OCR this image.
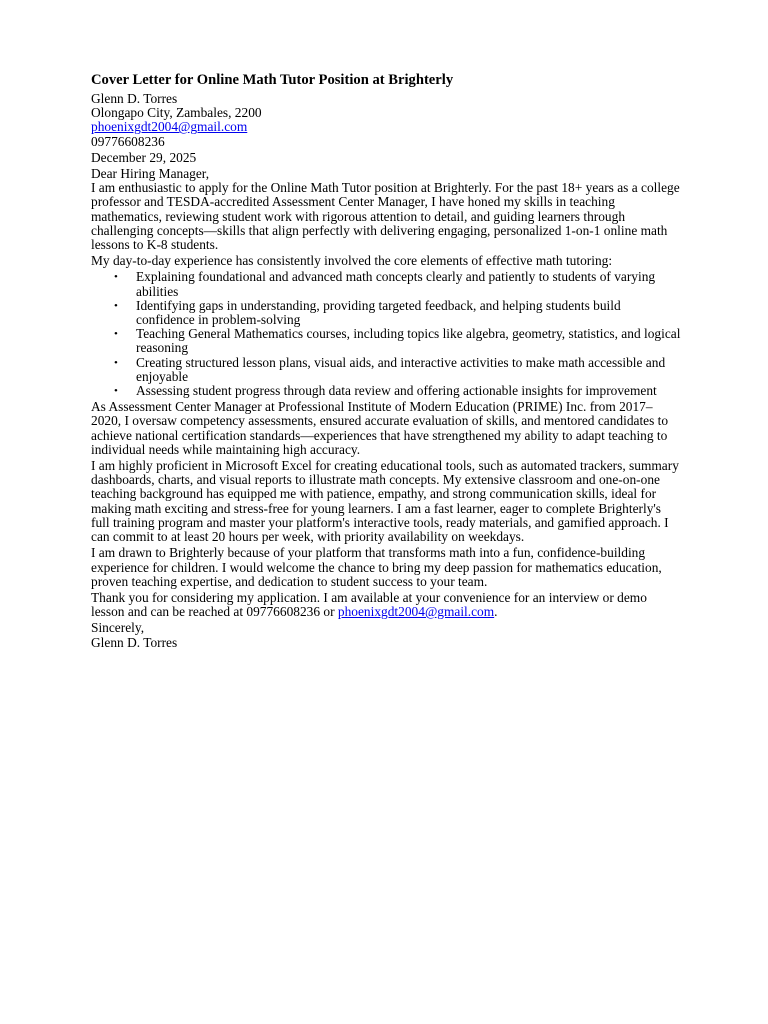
Cover Letter for Online Math Tutor Position at Brighterly
Glenn D. Torres
Olongapo City, Zambales, 2200
phoenixgdt2004@gmail.com
09776608236
December 29, 2025
Dear Hiring Manager,

I am enthusiastic to apply for the Online Math Tutor position at Brighterly. For the past 18+ years as a college professor and TESDA-accredited Assessment Center Manager, I have honed my skills in teaching mathematics, reviewing student work with rigorous attention to detail, and guiding learners through challenging concepts—skills that align perfectly with delivering engaging, personalized 1-on-1 online math lessons to K-8 students.

My day-to-day experience has consistently involved the core elements of effective math tutoring:

• Explaining foundational and advanced math concepts clearly and patiently to students of varying abilities
• Identifying gaps in understanding, providing targeted feedback, and helping students build confidence in problem-solving
• Teaching General Mathematics courses, including topics like algebra, geometry, statistics, and logical reasoning
• Creating structured lesson plans, visual aids, and interactive activities to make math accessible and enjoyable
• Assessing student progress through data review and offering actionable insights for improvement

As Assessment Center Manager at Professional Institute of Modern Education (PRIME) Inc. from 2017–2020, I oversaw competency assessments, ensured accurate evaluation of skills, and mentored candidates to achieve national certification standards—experiences that have strengthened my ability to adapt teaching to individual needs while maintaining high accuracy.

I am highly proficient in Microsoft Excel for creating educational tools, such as automated trackers, summary dashboards, charts, and visual reports to illustrate math concepts. My extensive classroom and one-on-one teaching background has equipped me with patience, empathy, and strong communication skills, ideal for making math exciting and stress-free for young learners. I am a fast learner, eager to complete Brighterly's full training program and master your platform's interactive tools, ready materials, and gamified approach. I can commit to at least 20 hours per week, with priority availability on weekdays.

I am drawn to Brighterly because of your platform that transforms math into a fun, confidence-building experience for children. I would welcome the chance to bring my deep passion for mathematics education, proven teaching expertise, and dedication to student success to your team.

Thank you for considering my application. I am available at your convenience for an interview or demo lesson and can be reached at 09776608236 or phoenixgdt2004@gmail.com.

Sincerely,
Glenn D. Torres
